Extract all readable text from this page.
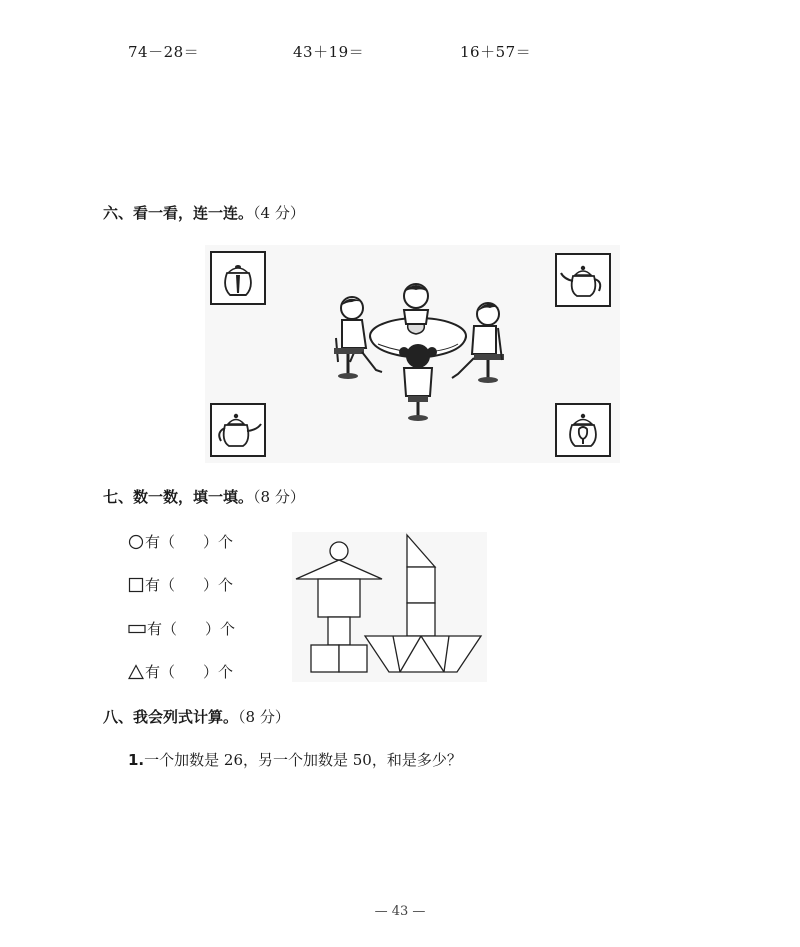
74－28＝	43＋19＝	16＋57＝
六、看一看，连一连。（4 分）
七、数一数，填一填。（8 分）
有（ ）个
有（ ）个
有（ ）个
有（ ）个
八、我会列式计算。（8 分）
1.一个加数是 26，另一个加数是 50，和是多少？
— 43 —
